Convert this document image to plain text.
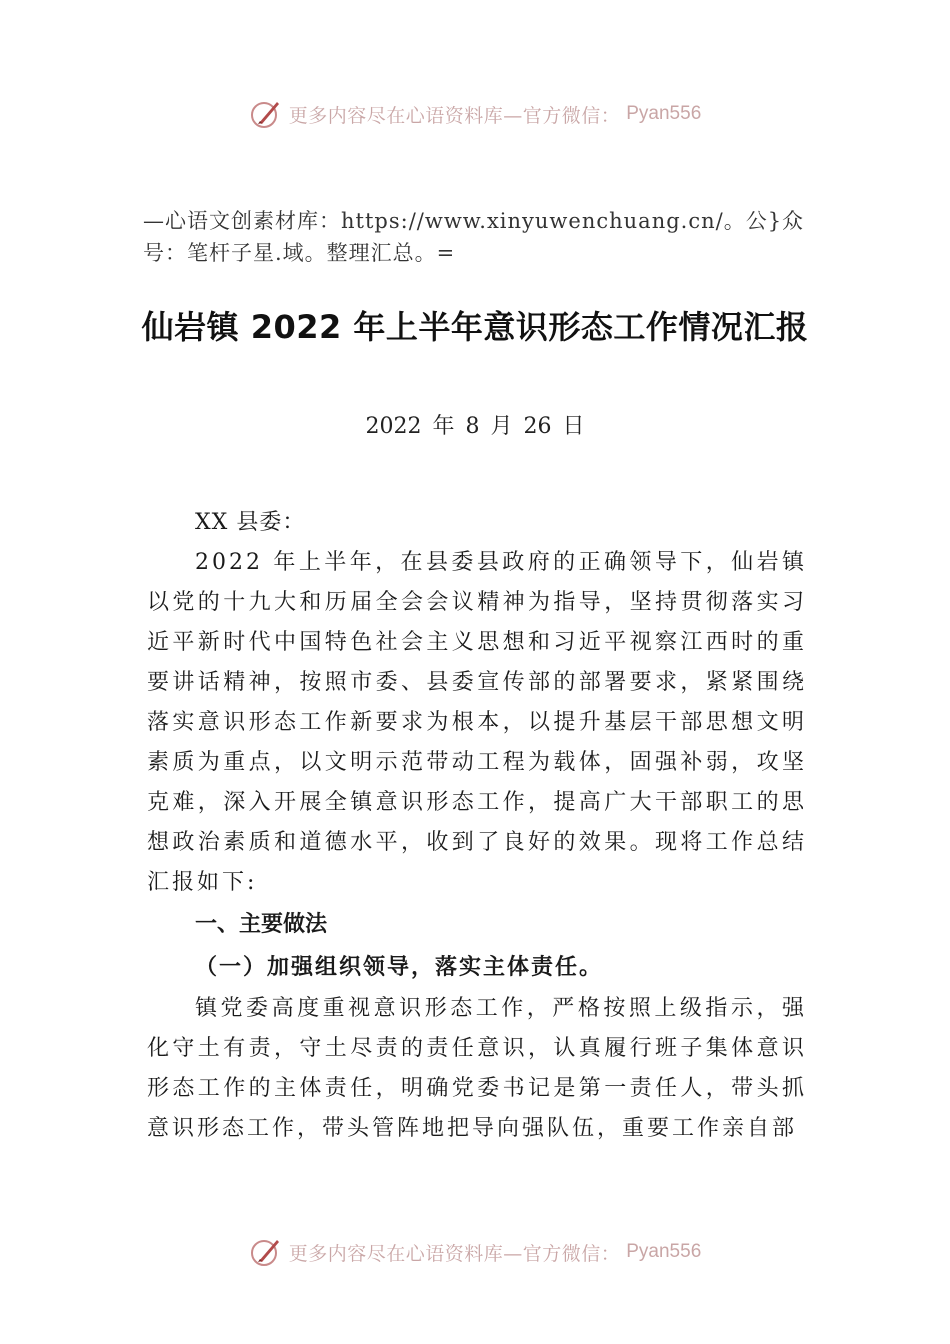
更多内容尽在心语资料库—官方微信： Pyan556
—心语文创素材库：https://www.xinyuwenchuang.cn/。公}众号：笔杆子星.域。整理汇总。=
仙岩镇 2022 年上半年意识形态工作情况汇报
2022 年 8 月 26 日
XX 县委：

2022 年上半年，在县委县政府的正确领导下，仙岩镇以党的十九大和历届全会会议精神为指导，坚持贯彻落实习近平新时代中国特色社会主义思想和习近平视察江西时的重要讲话精神，按照市委、县委宣传部的部署要求，紧紧围绕落实意识形态工作新要求为根本，以提升基层干部思想文明素质为重点，以文明示范带动工程为载体，固强补弱，攻坚克难，深入开展全镇意识形态工作，提高广大干部职工的思想政治素质和道德水平，收到了良好的效果。现将工作总结汇报如下:

一、主要做法
（一）加强组织领导，落实主体责任。

镇党委高度重视意识形态工作，严格按照上级指示，强化守土有责，守土尽责的责任意识，认真履行班子集体意识形态工作的主体责任，明确党委书记是第一责任人，带头抓意识形态工作，带头管阵地把导向强队伍，重要工作亲自部

更多内容尽在心语资料库—官方微信： Pyan556
